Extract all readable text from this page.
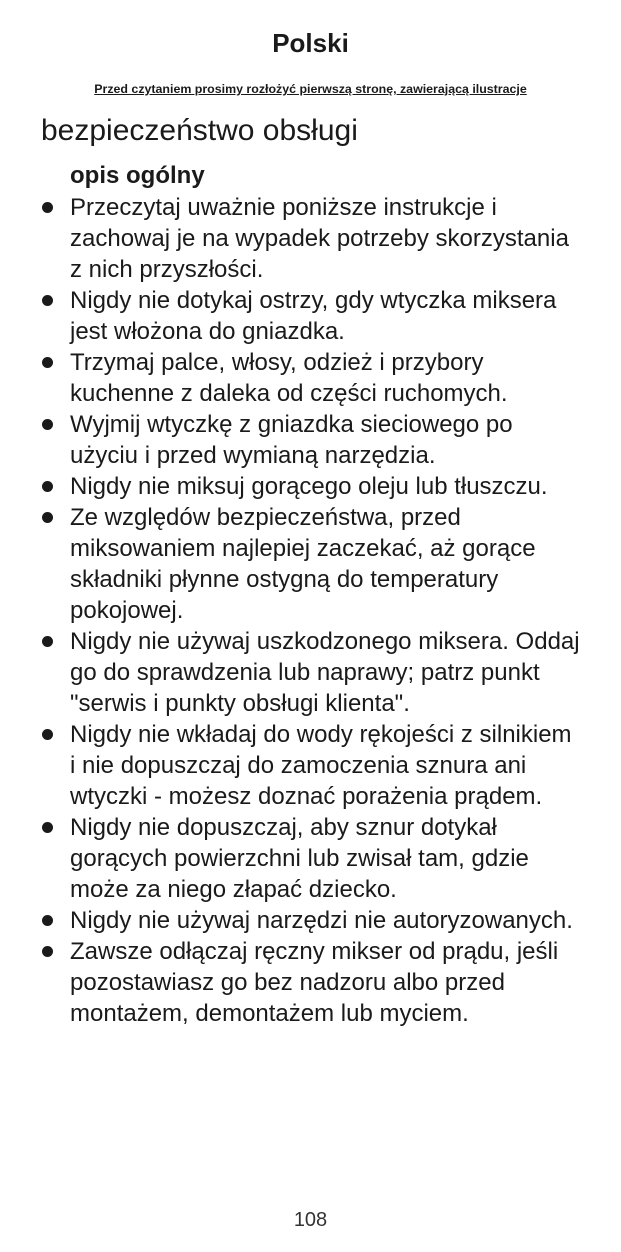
Polski
Przed czytaniem prosimy rozłożyć pierwszą stronę, zawierającą ilustracje
bezpieczeństwo obsługi
opis ogólny
Przeczytaj uważnie poniższe instrukcje i zachowaj je na wypadek potrzeby skorzystania z nich przyszłości.
Nigdy nie dotykaj ostrzy, gdy wtyczka miksera jest włożona do gniazdka.
Trzymaj palce, włosy, odzież i przybory kuchenne z daleka od części ruchomych.
Wyjmij wtyczkę z gniazdka sieciowego po użyciu i przed wymianą narzędzia.
Nigdy nie miksuj gorącego oleju lub tłuszczu.
Ze względów bezpieczeństwa, przed miksowaniem najlepiej zaczekać, aż gorące składniki płynne ostygną do temperatury pokojowej.
Nigdy nie używaj uszkodzonego miksera. Oddaj go do sprawdzenia lub naprawy; patrz punkt "serwis i punkty obsługi klienta".
Nigdy nie wkładaj do wody rękojeści z silnikiem i nie dopuszczaj do zamoczenia sznura ani wtyczki - możesz doznać porażenia prądem.
Nigdy nie dopuszczaj, aby sznur dotykał gorących powierzchni lub zwisał tam, gdzie może za niego złapać dziecko.
Nigdy nie używaj narzędzi nie autoryzowanych.
Zawsze odłączaj ręczny mikser od prądu, jeśli pozostawiasz go bez nadzoru albo przed montażem, demontażem lub myciem.
108
